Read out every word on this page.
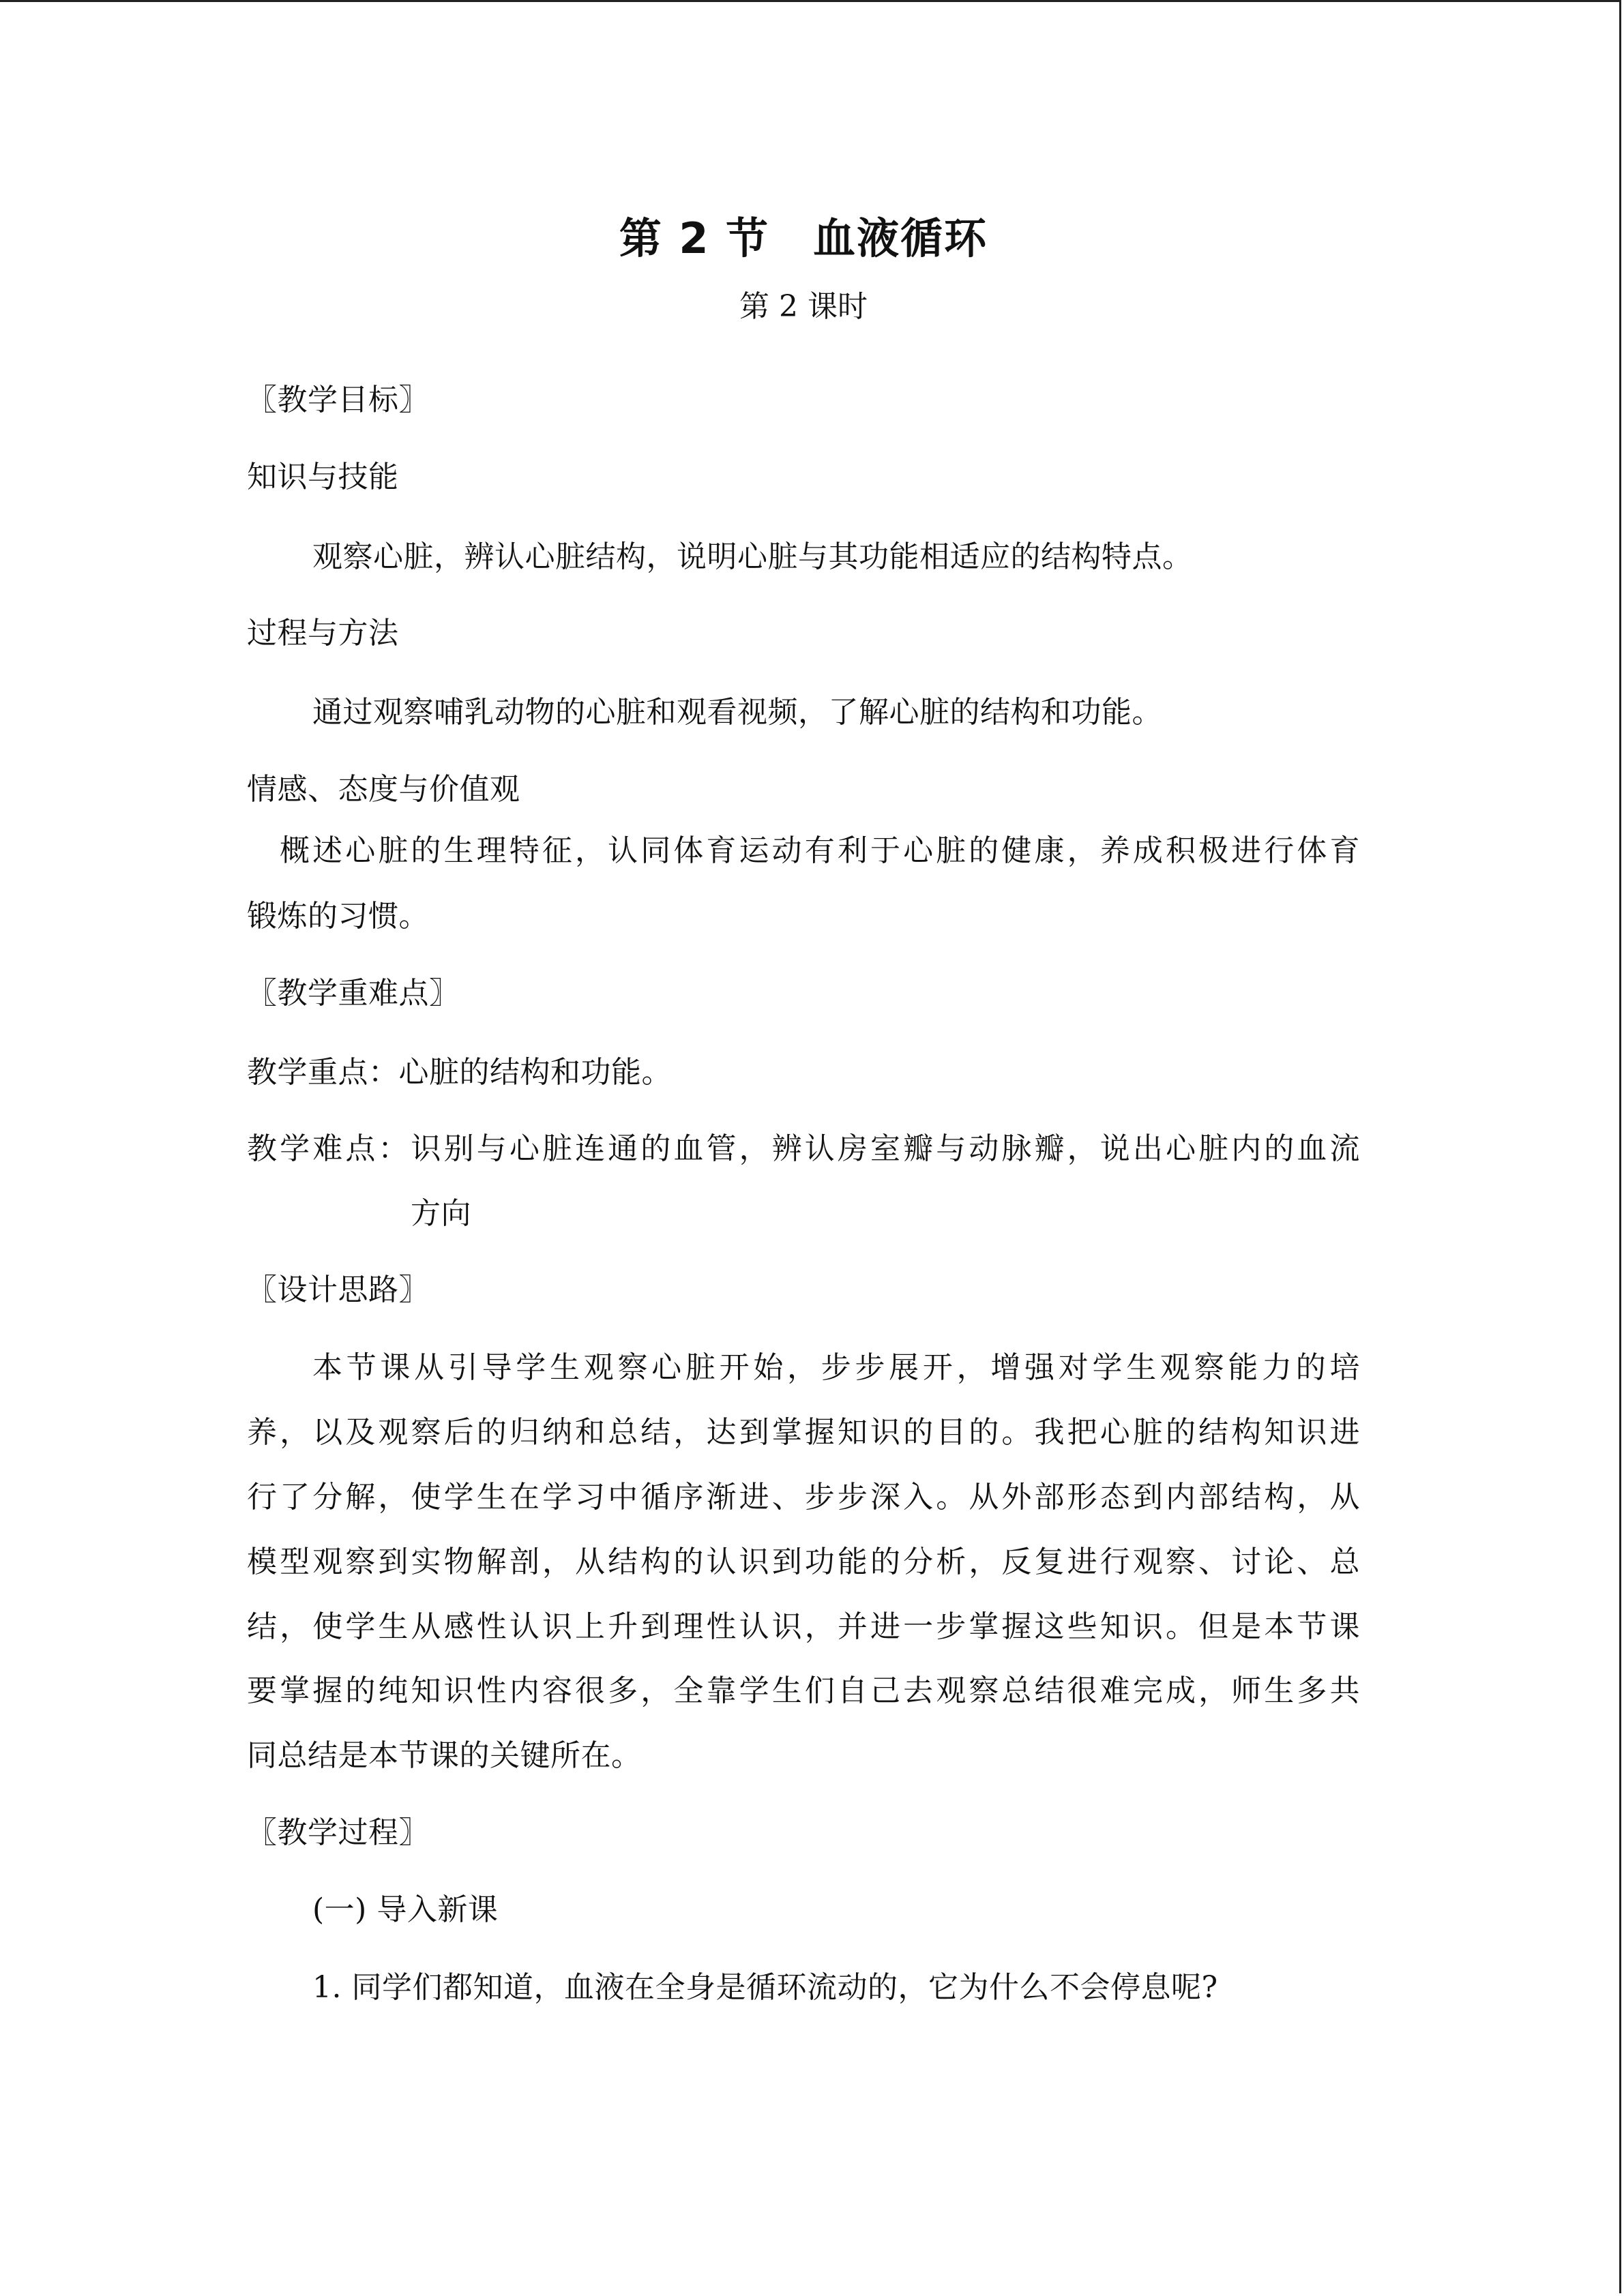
第 2 节　血液循环
第 2 课时
〖教学目标〗
知识与技能
观察心脏，辨认心脏结构，说明心脏与其功能相适应的结构特点。
过程与方法
通过观察哺乳动物的心脏和观看视频，了解心脏的结构和功能。
情感、态度与价值观
概述心脏的生理特征，认同体育运动有利于心脏的健康，养成积极进行体育
锻炼的习惯。
〖教学重难点〗
教学重点：心脏的结构和功能。
教学难点：识别与心脏连通的血管，辨认房室瓣与动脉瓣，说出心脏内的血流
方向
〖设计思路〗
本节课从引导学生观察心脏开始，步步展开，增强对学生观察能力的培
养，以及观察后的归纳和总结，达到掌握知识的目的。我把心脏的结构知识进
行了分解，使学生在学习中循序渐进、步步深入。从外部形态到内部结构，从
模型观察到实物解剖，从结构的认识到功能的分析，反复进行观察、讨论、总
结，使学生从感性认识上升到理性认识，并进一步掌握这些知识。但是本节课
要掌握的纯知识性内容很多，全靠学生们自己去观察总结很难完成，师生多共
同总结是本节课的关键所在。
〖教学过程〗
(一) 导入新课
1. 同学们都知道，血液在全身是循环流动的，它为什么不会停息呢?
